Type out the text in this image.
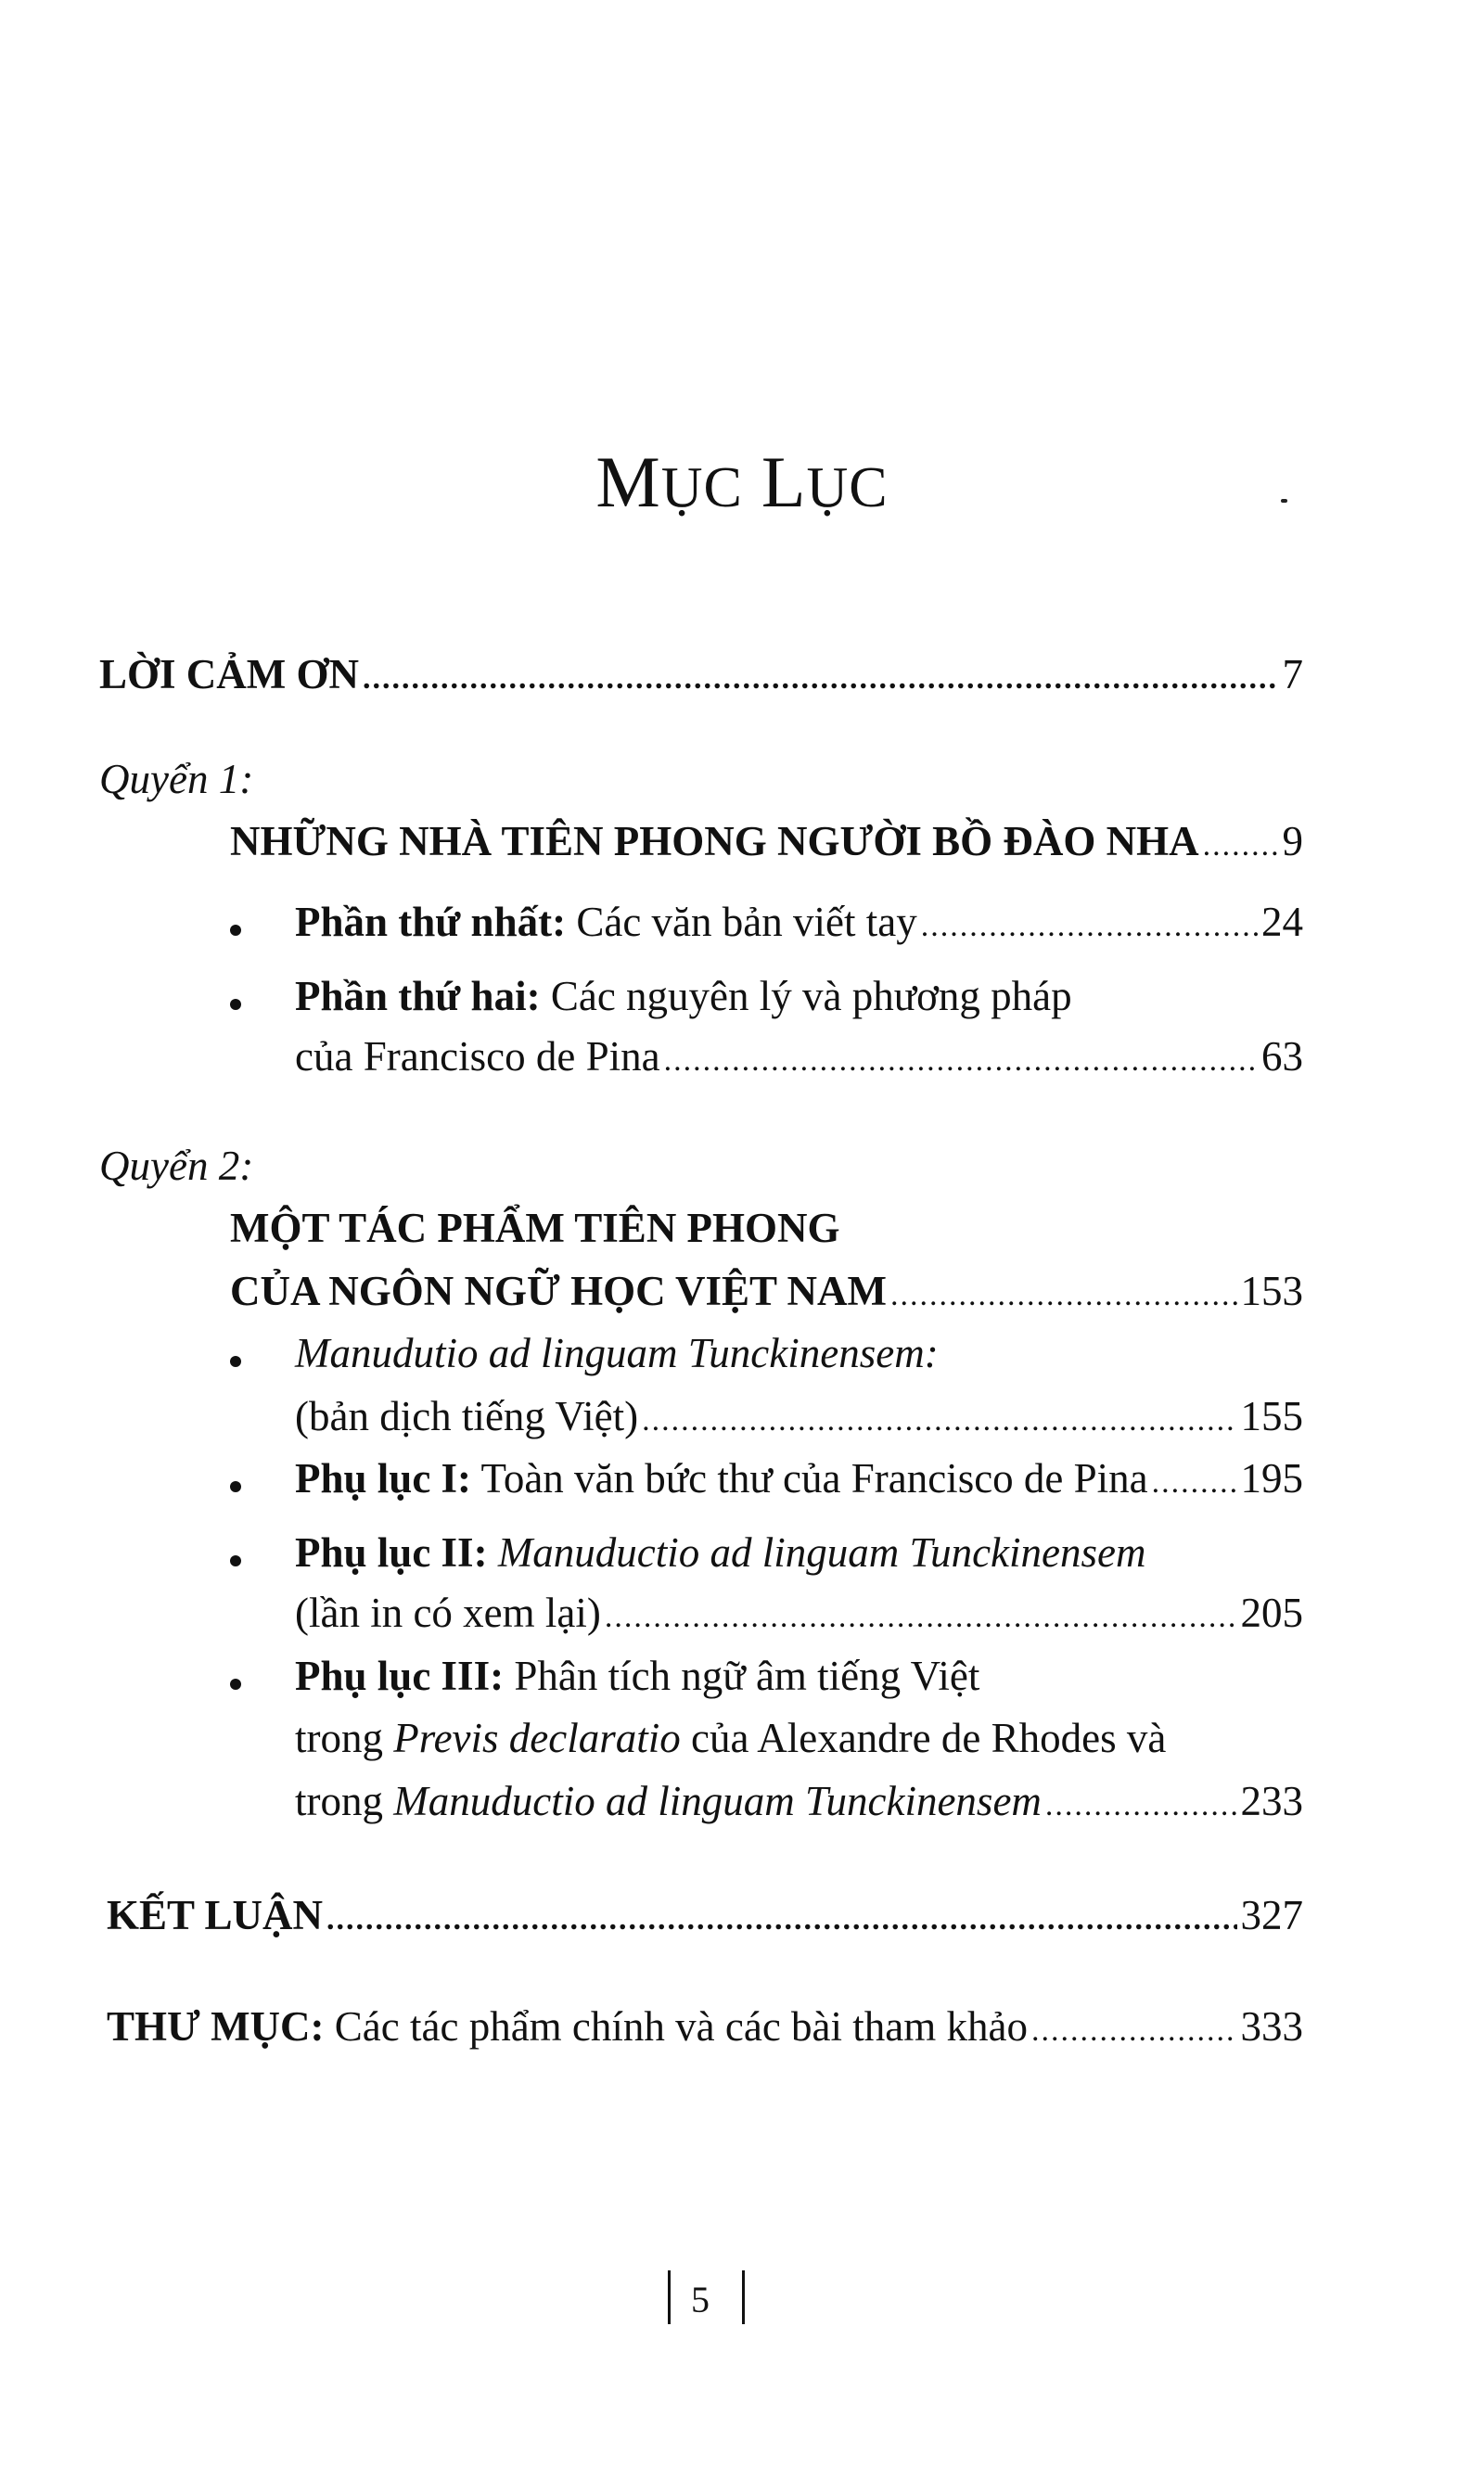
MỤC LỤC
LỜI CẢM ƠN .....	7
Quyển 1:
NHỮNG NHÀ TIÊN PHONG NGƯỜI BỒ ĐÀO NHA ..... 9
Phần thứ nhất: Các văn bản viết tay .....	24
Phần thứ hai: Các nguyên lý và phương pháp
của Francisco de Pina .....	63
Quyển 2:
MỘT TÁC PHẨM TIÊN PHONG
CỦA NGÔN NGỮ HỌC VIỆT NAM .....	153
Manudutio ad linguam Tunckinensem:
(bản dịch tiếng Việt) .....	155
Phụ lục I: Toàn văn bức thư của Francisco de Pina ..... 195
Phụ lục II: Manuductio ad linguam Tunckinensem
(lần in có xem lại) .....	205
Phụ lục III: Phân tích ngữ âm tiếng Việt
trong Previs declaratio của Alexandre de Rhodes và
trong Manuductio ad linguam Tunckinensem .....	233
KẾT LUẬN .....	327
THƯ MỤC: Các tác phẩm chính và các bài tham khảo .....	333
5
